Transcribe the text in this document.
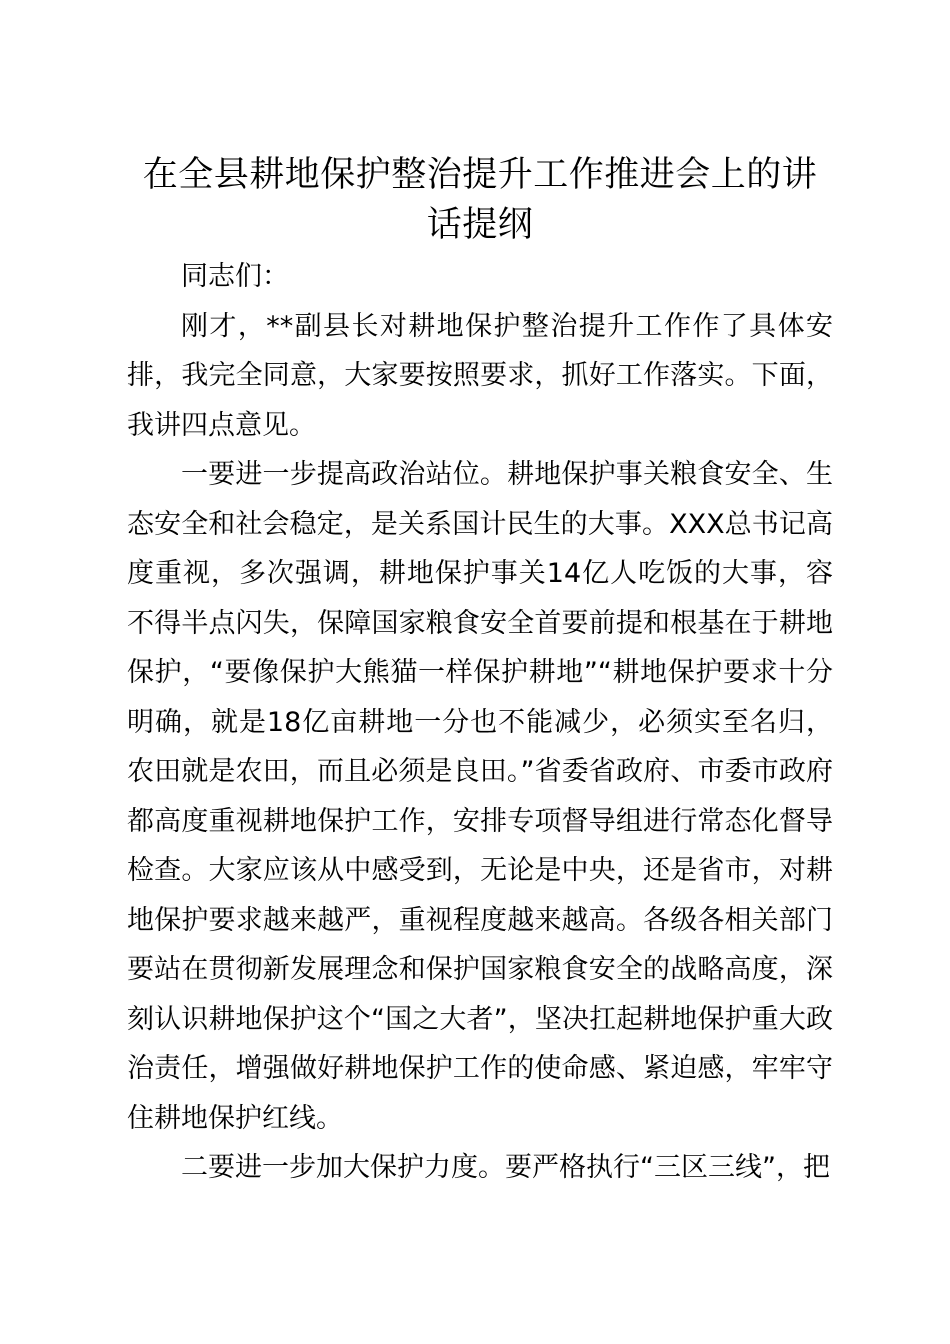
在全县耕地保护整治提升工作推进会上的讲话提纲

同志们：

刚才，**副县长对耕地保护整治提升工作作了具体安排，我完全同意，大家要按照要求，抓好工作落实。下面，我讲四点意见。

一要进一步提高政治站位。耕地保护事关粮食安全、生态安全和社会稳定，是关系国计民生的大事。XXX总书记高度重视，多次强调，耕地保护事关14亿人吃饭的大事，容不得半点闪失，保障国家粮食安全首要前提和根基在于耕地保护，“要像保护大熊猫一样保护耕地”“耕地保护要求十分明确，就是18亿亩耕地一分也不能减少，必须实至名归，农田就是农田，而且必须是良田。”省委省政府、市委市政府都高度重视耕地保护工作，安排专项督导组进行常态化督导检查。大家应该从中感受到，无论是中央，还是省市，对耕地保护要求越来越严，重视程度越来越高。各级各相关部门要站在贯彻新发展理念和保护国家粮食安全的战略高度，深刻认识耕地保护这个“国之大者”，坚决扛起耕地保护重大政治责任，增强做好耕地保护工作的使命感、紧迫感，牢牢守住耕地保护红线。

二要进一步加大保护力度。要严格执行“三区三线”，把
